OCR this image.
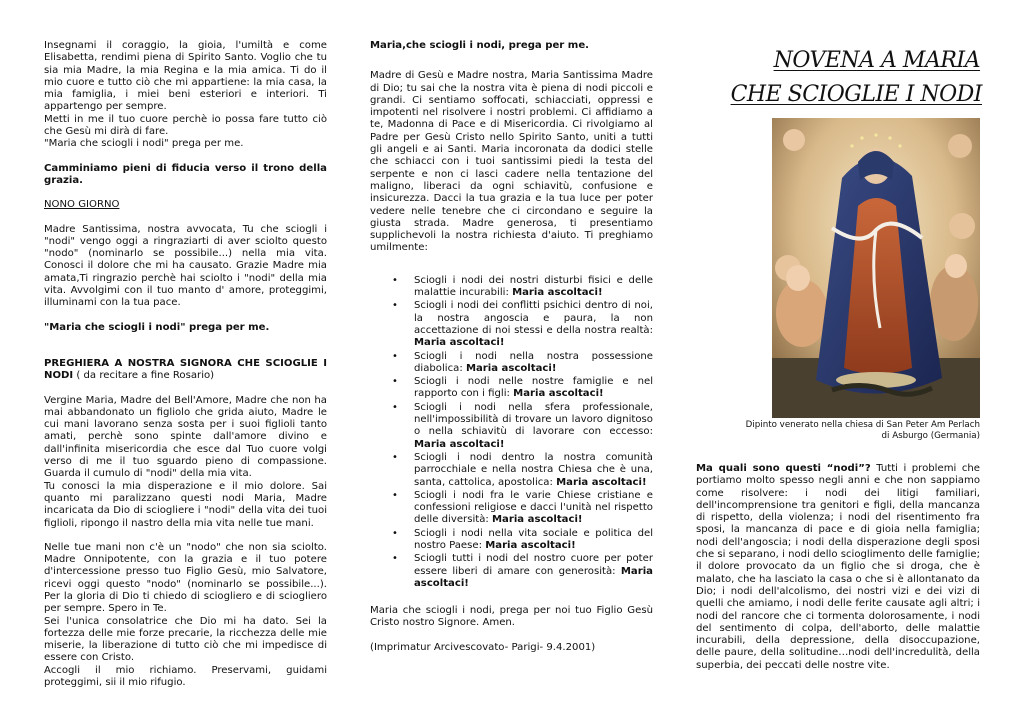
Insegnami il coraggio, la gioia, l'umiltà e come Elisabetta, rendimi piena di Spirito Santo. Voglio che tu sia mia Madre, la mia Regina e la mia amica. Ti do il mio cuore e tutto ciò che mi appartiene: la mia casa, la mia famiglia, i miei beni esteriori e interiori. Ti appartengo per sempre.

Metti in me il tuo cuore perchè io possa fare tutto ciò che Gesù mi dirà di fare.

"Maria che sciogli i nodi" prega per me.

Camminiamo pieni di fiducia verso il trono della grazia.

NONO GIORNO

Madre Santissima, nostra avvocata, Tu che sciogli i "nodi" vengo oggi a ringraziarti di aver sciolto questo "nodo" (nominarlo se possibile...) nella mia vita. Conosci il dolore che mi ha causato. Grazie Madre mia amata,Ti ringrazio perchè hai sciolto i "nodi" della mia vita. Avvolgimi con il tuo manto d' amore, proteggimi, illuminami con la tua pace.

"Maria che sciogli i nodi" prega per me.

PREGHIERA A NOSTRA SIGNORA CHE SCIOGLIE I NODI ( da recitare a fine Rosario)

Vergine Maria, Madre del Bell'Amore, Madre che non ha mai abbandonato un figliolo che grida aiuto, Madre le cui mani lavorano senza sosta per i suoi figlioli tanto amati, perchè sono spinte dall'amore divino e dall'infinita misericordia che esce dal Tuo cuore volgi verso di me il tuo sguardo pieno di compassione. Guarda il cumulo di "nodi" della mia vita.

Tu conosci la mia disperazione e il mio dolore. Sai quanto mi paralizzano questi nodi Maria, Madre incaricata da Dio di sciogliere i "nodi" della vita dei tuoi figlioli, ripongo il nastro della mia vita nelle tue mani.

Nelle tue mani non c'è un "nodo" che non sia sciolto. Madre Onnipotente, con la grazia e il tuo potere d'intercessione presso tuo Figlio Gesù, mio Salvatore, ricevi oggi questo "nodo" (nominarlo se possibile...). Per la gloria di Dio ti chiedo di sciogliero e di sciogliero per sempre. Spero in Te.

Sei l'unica consolatrice che Dio mi ha dato. Sei la fortezza delle mie forze precarie, la ricchezza delle mie miserie, la liberazione di tutto ciò che mi impedisce di essere con Cristo.

Accogli il mio richiamo. Preservami, guidami proteggimi, sii il mio rifugio.

Maria,che sciogli i nodi, prega per me.

Madre di Gesù e Madre nostra, Maria Santissima Madre di Dio; tu sai che la nostra vita è piena di nodi piccoli e grandi. Ci sentiamo soffocati, schiacciati, oppressi e impotenti nel risolvere i nostri problemi. Ci affidiamo a te, Madonna di Pace e di Misericordia. Ci rivolgiamo al Padre per Gesù Cristo nello Spirito Santo, uniti a tutti gli angeli e ai Santi. Maria incoronata da dodici stelle che schiacci con i tuoi santissimi piedi la testa del serpente e non ci lasci cadere nella tentazione del maligno, liberaci da ogni schiavitù, confusione e insicurezza. Dacci la tua grazia e la tua luce per poter vedere nelle tenebre che ci circondano e seguire la giusta strada. Madre generosa, ti presentiamo supplichevoli la nostra richiesta d'aiuto. Ti preghiamo umilmente:

• Sciogli i nodi dei nostri disturbi fisici e delle malattie incurabili: Maria ascoltaci!
• Sciogli i nodi dei conflitti psichici dentro di noi, la nostra angoscia e paura, la non accettazione di noi stessi e della nostra realtà: Maria ascoltaci!
• Sciogli i nodi nella nostra possessione diabolica: Maria ascoltaci!
• Sciogli i nodi nelle nostre famiglie e nel rapporto con i figli: Maria ascoltaci!
• Sciogli i nodi nella sfera professionale, nell'impossibilità di trovare un lavoro dignitoso o nella schiavitù di lavorare con eccesso: Maria ascoltaci!
• Sciogli i nodi dentro la nostra comunità parrocchiale e nella nostra Chiesa che è una, santa, cattolica, apostolica: Maria ascoltaci!
• Sciogli i nodi fra le varie Chiese cristiane e confessioni religiose e dacci l'unità nel rispetto delle diversità: Maria ascoltaci!
• Sciogli i nodi nella vita sociale e politica del nostro Paese: Maria ascoltaci!
• Sciogli tutti i nodi del nostro cuore per poter essere liberi di amare con generosità: Maria ascoltaci!

Maria che sciogli i nodi, prega per noi tuo Figlio Gesù Cristo nostro Signore. Amen.

(Imprimatur Arcivescovato- Parigi- 9.4.2001)

NOVENA A MARIA
CHE SCIOGLIE I NODI
Dipinto venerato nella chiesa di San Peter Am Perlach
di Asburgo (Germania)
Ma quali sono questi “nodi”? Tutti i problemi che portiamo molto spesso negli anni e che non sappiamo come risolvere: i nodi dei litigi familiari, dell'incomprensione tra genitori e figli, della mancanza di rispetto, della violenza; i nodi del risentimento fra sposi, la mancanza di pace e di gioia nella famiglia; nodi dell'angoscia; i nodi della disperazione degli sposi che si separano, i nodi dello scioglimento delle famiglie; il dolore provocato da un figlio che si droga, che è malato, che ha lasciato la casa o che si è allontanato da Dio; i nodi dell'alcolismo, dei nostri vizi e dei vizi di quelli che amiamo, i nodi delle ferite causate agli altri; i nodi del rancore che ci tormenta dolorosamente, i nodi del sentimento di colpa, dell'aborto, delle malattie incurabili, della depressione, della disoccupazione, delle paure, della solitudine…nodi dell'incredulità, della superbia, dei peccati delle nostre vite.
